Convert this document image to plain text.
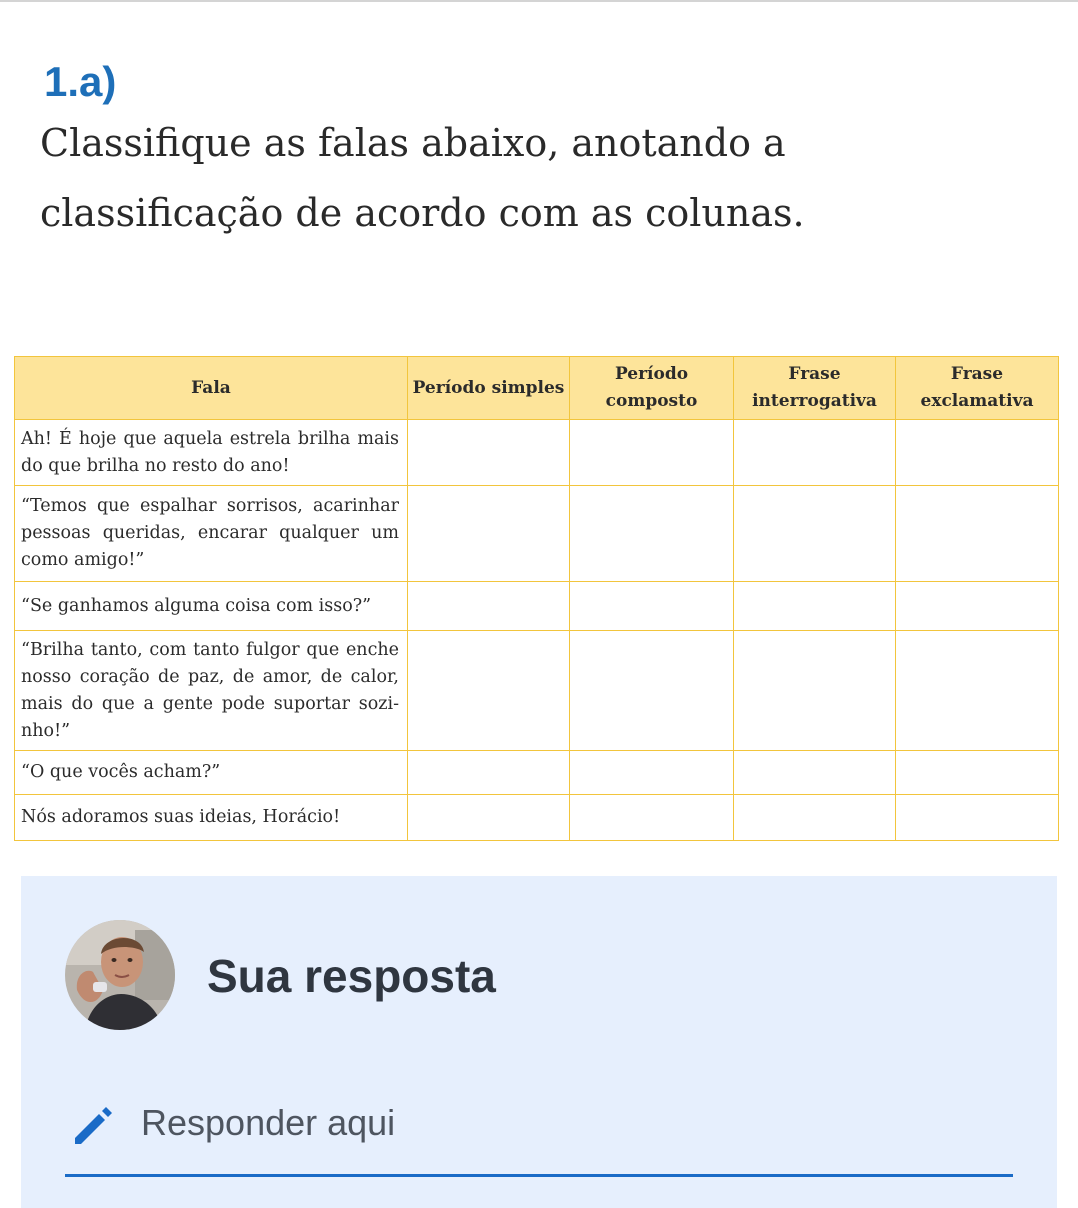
1.a)
Classifique as falas abaixo, anotando a classificação de acordo com as colunas.
Fala	Período simples	Período composto	Frase interrogativa	Frase exclamativa
Ah! É hoje que aquela estrela brilha mais do que brilha no resto do ano!				
“Temos que espalhar sorrisos, acarinhar pessoas queridas, encarar qualquer um como amigo!”				
“Se ganhamos alguma coisa com isso?”				
“Brilha tanto, com tanto fulgor que enche nosso coração de paz, de amor, de calor, mais do que a gente pode suportar sozi-nho!”				
“O que vocês acham?”				
Nós adoramos suas ideias, Horácio!				
Sua resposta
Responder aqui
